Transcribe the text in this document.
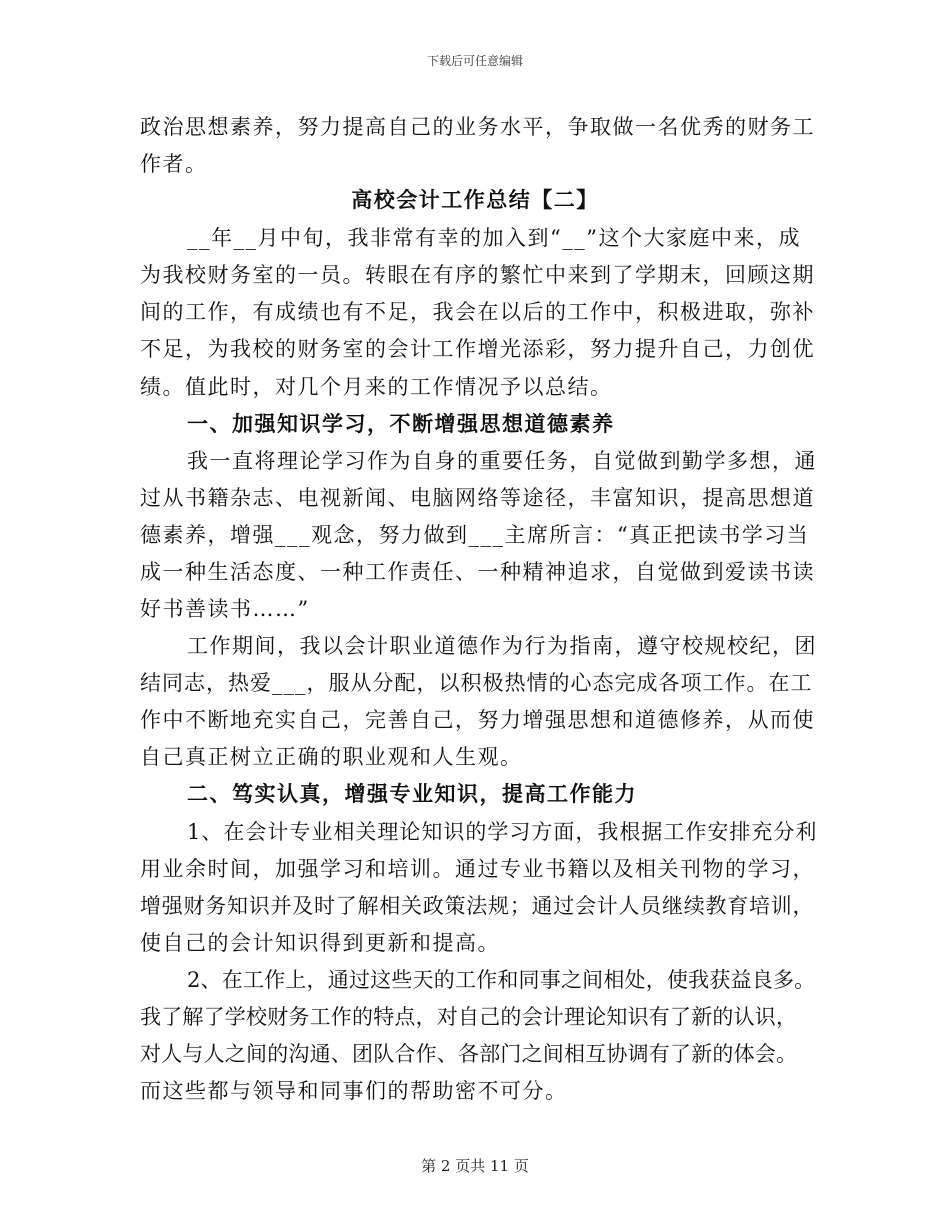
下载后可任意编辑
政治思想素养，努力提高自己的业务水平，争取做一名优秀的财务工
作者。
高校会计工作总结【二】
__年__月中旬，我非常有幸的加入到“__”这个大家庭中来，成
为我校财务室的一员。转眼在有序的繁忙中来到了学期末，回顾这期
间的工作，有成绩也有不足，我会在以后的工作中，积极进取，弥补
不足，为我校的财务室的会计工作增光添彩，努力提升自己，力创优
绩。值此时，对几个月来的工作情况予以总结。
一、加强知识学习，不断增强思想道德素养
我一直将理论学习作为自身的重要任务，自觉做到勤学多想，通
过从书籍杂志、电视新闻、电脑网络等途径，丰富知识，提高思想道
德素养，增强___观念，努力做到___主席所言：“真正把读书学习当
成一种生活态度、一种工作责任、一种精神追求，自觉做到爱读书读
好书善读书……”
工作期间，我以会计职业道德作为行为指南，遵守校规校纪，团
结同志，热爱___，服从分配，以积极热情的心态完成各项工作。在工
作中不断地充实自己，完善自己，努力增强思想和道德修养，从而使
自己真正树立正确的职业观和人生观。
二、笃实认真，增强专业知识，提高工作能力
1、在会计专业相关理论知识的学习方面，我根据工作安排充分利
用业余时间，加强学习和培训。通过专业书籍以及相关刊物的学习，
增强财务知识并及时了解相关政策法规；通过会计人员继续教育培训，
使自己的会计知识得到更新和提高。
2、在工作上，通过这些天的工作和同事之间相处，使我获益良多。
我了解了学校财务工作的特点，对自己的会计理论知识有了新的认识，
对人与人之间的沟通、团队合作、各部门之间相互协调有了新的体会。
而这些都与领导和同事们的帮助密不可分。
第 2 页共 11 页
